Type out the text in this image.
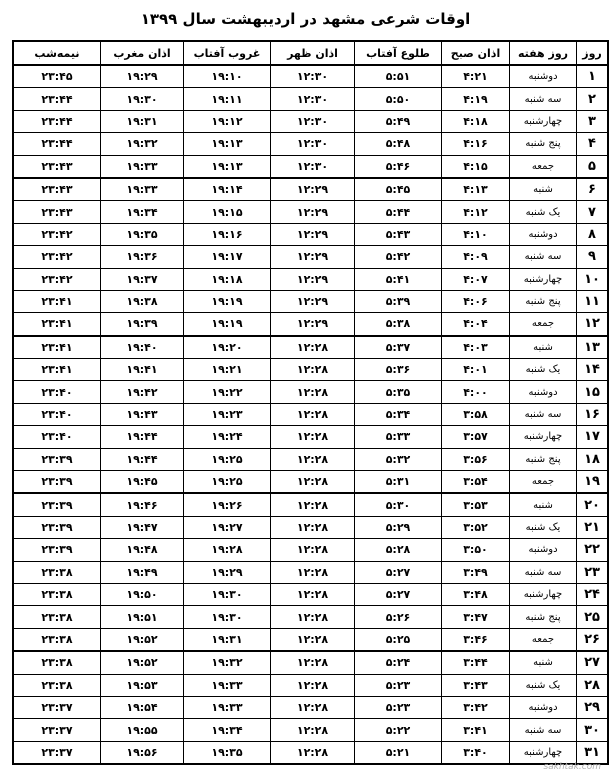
اوقات شرعی مشهد در اردیبهشت سال ۱۳۹۹
روز	روز هفته	اذان صبح	طلوع آفتاب	اذان ظهر	غروب آفتاب	اذان مغرب	نیمه‌شب
۱	دوشنبه	۴:۲۱	۵:۵۱	۱۲:۳۰	۱۹:۱۰	۱۹:۲۹	۲۳:۴۵
۲	سه شنبه	۴:۱۹	۵:۵۰	۱۲:۳۰	۱۹:۱۱	۱۹:۳۰	۲۳:۴۴
۳	چهارشنبه	۴:۱۸	۵:۴۹	۱۲:۳۰	۱۹:۱۲	۱۹:۳۱	۲۳:۴۴
۴	پنج شنبه	۴:۱۶	۵:۴۸	۱۲:۳۰	۱۹:۱۳	۱۹:۳۲	۲۳:۴۴
۵	جمعه	۴:۱۵	۵:۴۶	۱۲:۳۰	۱۹:۱۳	۱۹:۳۳	۲۳:۴۳
۶	شنبه	۴:۱۳	۵:۴۵	۱۲:۲۹	۱۹:۱۴	۱۹:۳۳	۲۳:۴۳
۷	یک شنبه	۴:۱۲	۵:۴۴	۱۲:۲۹	۱۹:۱۵	۱۹:۳۴	۲۳:۴۳
۸	دوشنبه	۴:۱۰	۵:۴۳	۱۲:۲۹	۱۹:۱۶	۱۹:۳۵	۲۳:۴۲
۹	سه شنبه	۴:۰۹	۵:۴۲	۱۲:۲۹	۱۹:۱۷	۱۹:۳۶	۲۳:۴۲
۱۰	چهارشنبه	۴:۰۷	۵:۴۱	۱۲:۲۹	۱۹:۱۸	۱۹:۳۷	۲۳:۴۲
۱۱	پنج شنبه	۴:۰۶	۵:۳۹	۱۲:۲۹	۱۹:۱۹	۱۹:۳۸	۲۳:۴۱
۱۲	جمعه	۴:۰۴	۵:۳۸	۱۲:۲۹	۱۹:۱۹	۱۹:۳۹	۲۳:۴۱
۱۳	شنبه	۴:۰۳	۵:۳۷	۱۲:۲۸	۱۹:۲۰	۱۹:۴۰	۲۳:۴۱
۱۴	یک شنبه	۴:۰۱	۵:۳۶	۱۲:۲۸	۱۹:۲۱	۱۹:۴۱	۲۳:۴۱
۱۵	دوشنبه	۴:۰۰	۵:۳۵	۱۲:۲۸	۱۹:۲۲	۱۹:۴۲	۲۳:۴۰
۱۶	سه شنبه	۳:۵۸	۵:۳۴	۱۲:۲۸	۱۹:۲۳	۱۹:۴۳	۲۳:۴۰
۱۷	چهارشنبه	۳:۵۷	۵:۳۳	۱۲:۲۸	۱۹:۲۴	۱۹:۴۴	۲۳:۴۰
۱۸	پنج شنبه	۳:۵۶	۵:۳۲	۱۲:۲۸	۱۹:۲۵	۱۹:۴۴	۲۳:۳۹
۱۹	جمعه	۳:۵۴	۵:۳۱	۱۲:۲۸	۱۹:۲۵	۱۹:۴۵	۲۳:۳۹
۲۰	شنبه	۳:۵۳	۵:۳۰	۱۲:۲۸	۱۹:۲۶	۱۹:۴۶	۲۳:۳۹
۲۱	یک شنبه	۳:۵۲	۵:۲۹	۱۲:۲۸	۱۹:۲۷	۱۹:۴۷	۲۳:۳۹
۲۲	دوشنبه	۳:۵۰	۵:۲۸	۱۲:۲۸	۱۹:۲۸	۱۹:۴۸	۲۳:۳۹
۲۳	سه شنبه	۳:۴۹	۵:۲۷	۱۲:۲۸	۱۹:۲۹	۱۹:۴۹	۲۳:۳۸
۲۴	چهارشنبه	۳:۴۸	۵:۲۷	۱۲:۲۸	۱۹:۳۰	۱۹:۵۰	۲۳:۳۸
۲۵	پنج شنبه	۳:۴۷	۵:۲۶	۱۲:۲۸	۱۹:۳۰	۱۹:۵۱	۲۳:۳۸
۲۶	جمعه	۳:۴۶	۵:۲۵	۱۲:۲۸	۱۹:۳۱	۱۹:۵۲	۲۳:۳۸
۲۷	شنبه	۳:۴۴	۵:۲۴	۱۲:۲۸	۱۹:۳۲	۱۹:۵۲	۲۳:۳۸
۲۸	یک شنبه	۳:۴۳	۵:۲۳	۱۲:۲۸	۱۹:۳۳	۱۹:۵۳	۲۳:۳۸
۲۹	دوشنبه	۳:۴۲	۵:۲۳	۱۲:۲۸	۱۹:۳۳	۱۹:۵۴	۲۳:۳۷
۳۰	سه شنبه	۳:۴۱	۵:۲۲	۱۲:۲۸	۱۹:۳۴	۱۹:۵۵	۲۳:۳۷
۳۱	چهارشنبه	۳:۴۰	۵:۲۱	۱۲:۲۸	۱۹:۳۵	۱۹:۵۶	۲۳:۳۷
sakhtak.com
